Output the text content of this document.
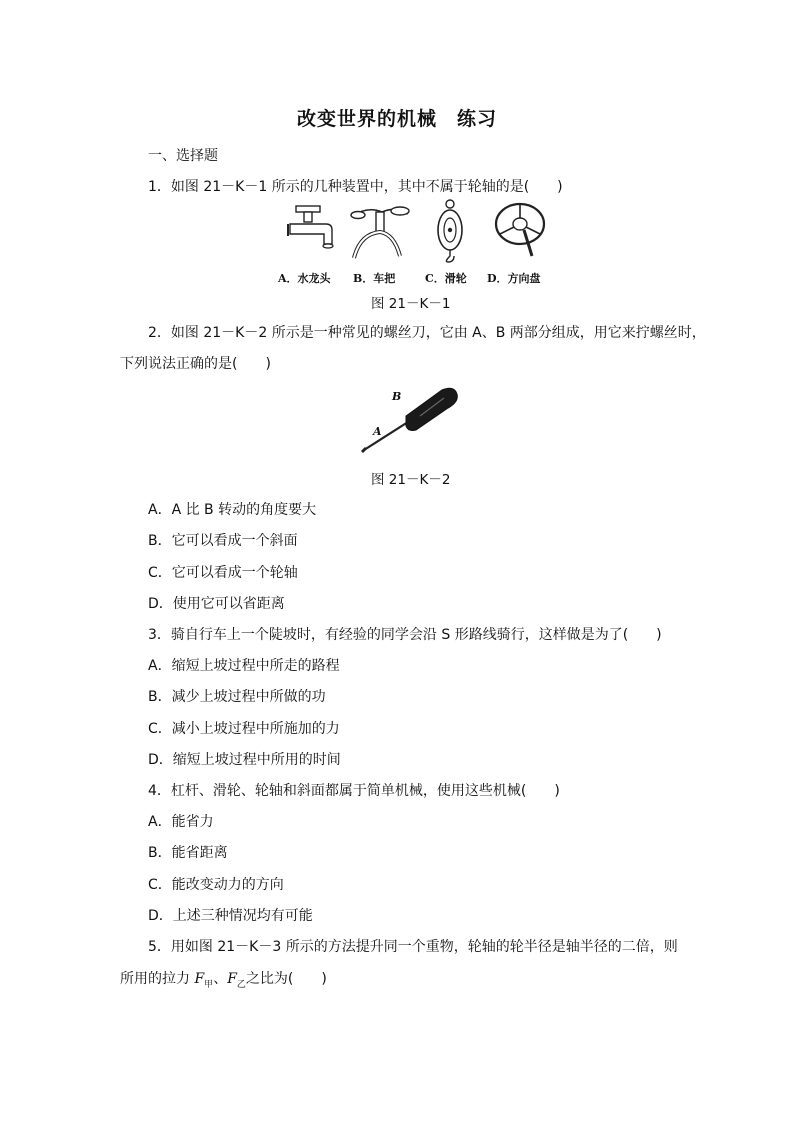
改变世界的机械　练习
一、选择题
1．如图 21－K－1 所示的几种装置中，其中不属于轮轴的是(　　)
A．水龙头 B．车把	C．滑轮 D．方向盘
图 21－K－1
2．如图 21－K－2 所示是一种常见的螺丝刀，它由 A、B 两部分组成，用它来拧螺丝时，
下列说法正确的是(　　)
B
A
图 21－K－2
A．A 比 B 转动的角度要大
B．它可以看成一个斜面
C．它可以看成一个轮轴
D．使用它可以省距离
3．骑自行车上一个陡坡时，有经验的同学会沿 S 形路线骑行，这样做是为了(　　)
A．缩短上坡过程中所走的路程
B．减少上坡过程中所做的功
C．减小上坡过程中所施加的力
D．缩短上坡过程中所用的时间
4．杠杆、滑轮、轮轴和斜面都属于简单机械，使用这些机械(　　)
A．能省力
B．能省距离
C．能改变动力的方向
D．上述三种情况均有可能
5．用如图 21－K－3 所示的方法提升同一个重物，轮轴的轮半径是轴半径的二倍，则
所用的拉力 $F_甲$、$F_乙$之比为(　　)
